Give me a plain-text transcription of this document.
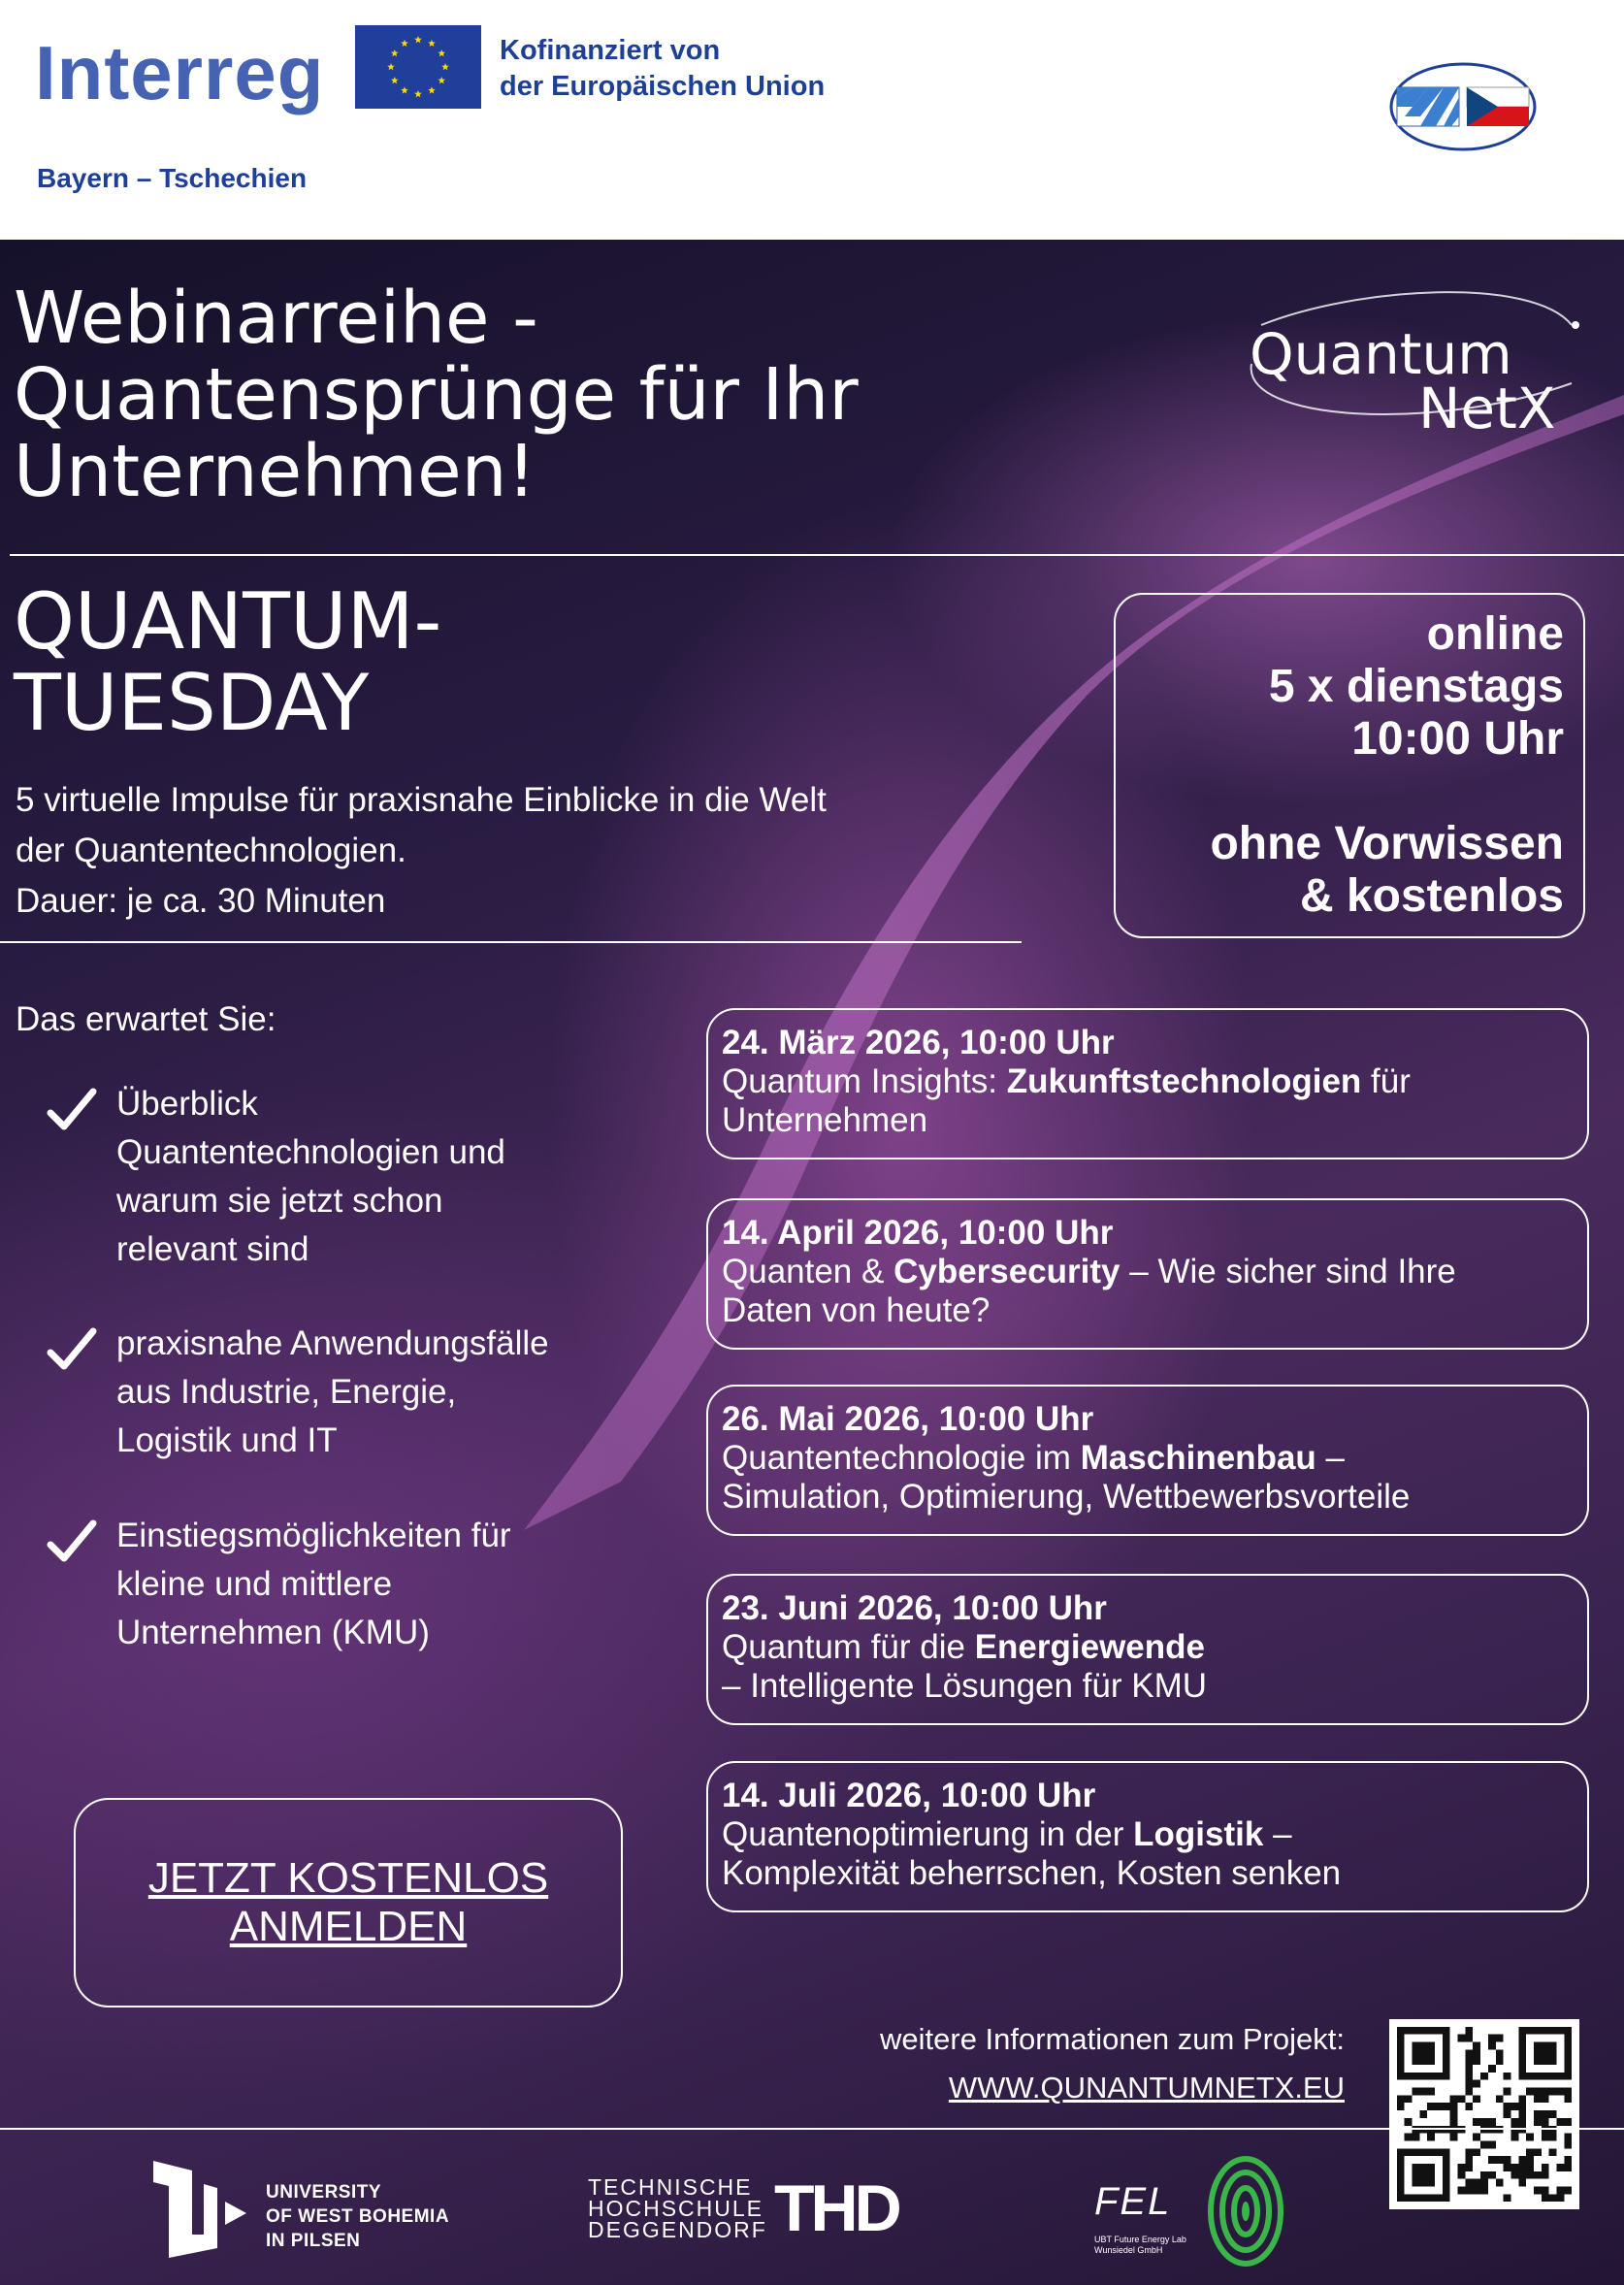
Interreg
Bayern – Tschechien
Kofinanziert von
der Europäischen Union
Webinarreihe -
Quantensprünge für Ihr
Unternehmen!
Quantum
NetX
QUANTUM-
TUESDAY
5 virtuelle Impulse für praxisnahe Einblicke in die Welt
der Quantentechnologien.
Dauer: je ca. 30 Minuten
online
5 x dienstags
10:00 Uhr
ohne Vorwissen
& kostenlos
Das erwartet Sie:
Überblick
Quantentechnologien und
warum sie jetzt schon
relevant sind
praxisnahe Anwendungsfälle
aus Industrie, Energie,
Logistik und IT
Einstiegsmöglichkeiten für
kleine und mittlere
Unternehmen (KMU)
JETZT KOSTENLOS
ANMELDEN
24. März 2026, 10:00 Uhr
Quantum Insights: Zukunftstechnologien für
Unternehmen
14. April 2026, 10:00 Uhr
Quanten & Cybersecurity – Wie sicher sind Ihre
Daten von heute?
26. Mai 2026, 10:00 Uhr
Quantentechnologie im Maschinenbau –
Simulation, Optimierung, Wettbewerbsvorteile
23. Juni 2026, 10:00 Uhr
Quantum für die Energiewende
– Intelligente Lösungen für KMU
14. Juli 2026, 10:00 Uhr
Quantenoptimierung in der Logistik –
Komplexität beherrschen, Kosten senken
weitere Informationen zum Projekt:
WWW.QUNANTUMNETX.EU
UNIVERSITY
OF WEST BOHEMIA
IN PILSEN
TECHNISCHE
HOCHSCHULE
DEGGENDORF THD	FEL
UBT Future Energy Lab
Wunsiedel GmbH
